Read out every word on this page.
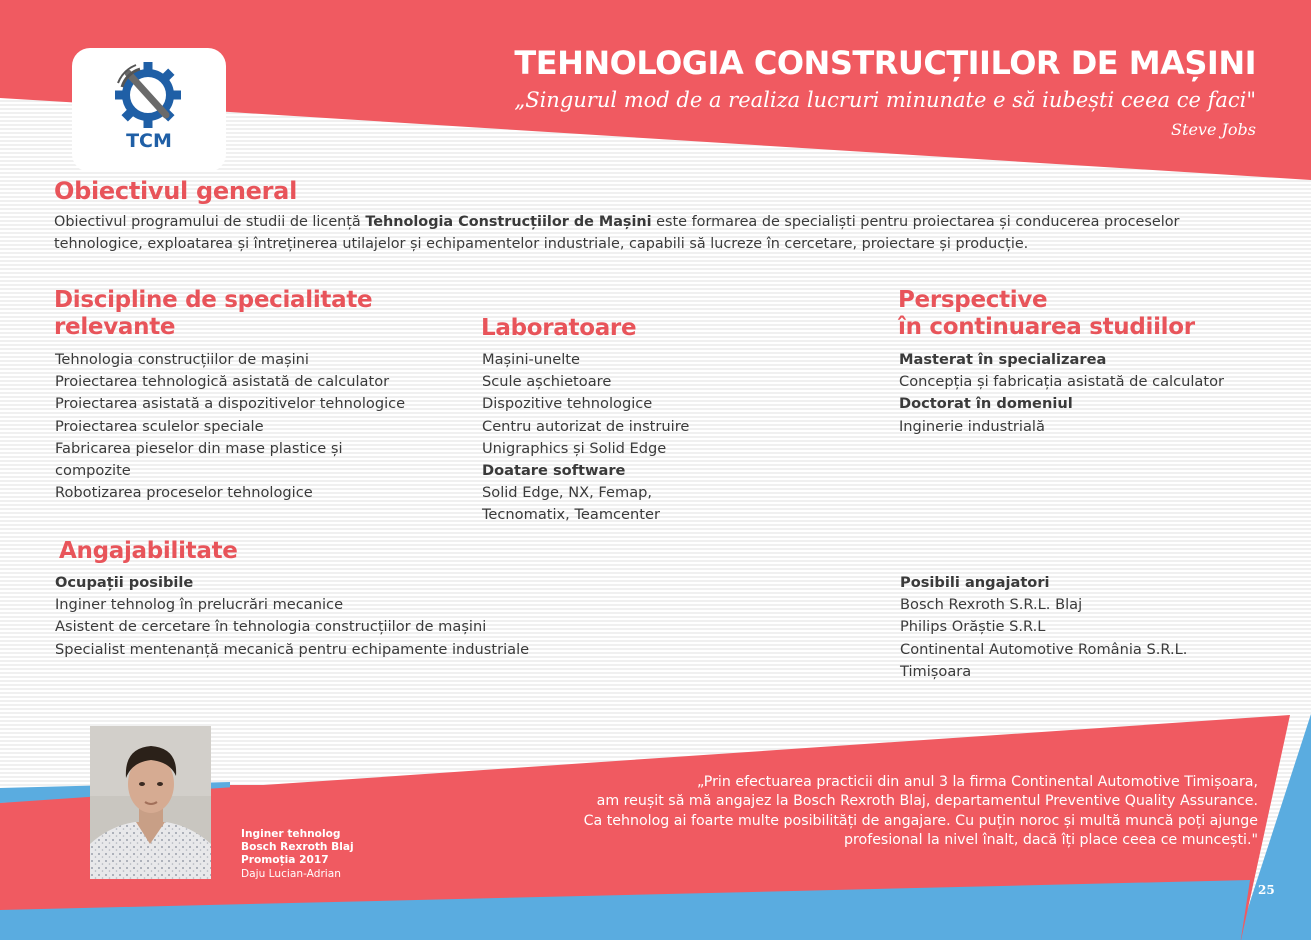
TEHNOLOGIA CONSTRUCȚIILOR DE MAȘINI
„Singurul mod de a realiza lucruri minunate e să iubești ceea ce faci"
Steve Jobs
TCM
Obiectivul general
Obiectivul programului de studii de licență Tehnologia Construcțiilor de Mașini este formarea de specialiști pentru proiectarea și conducerea proceselor
tehnologice, exploatarea și întreținerea utilajelor și echipamentelor industriale, capabili să lucreze în cercetare, proiectare și producție.
Discipline de specialitate
relevante
Tehnologia construcțiilor de mașini
Proiectarea tehnologică asistată de calculator
Proiectarea asistată a dispozitivelor tehnologice
Proiectarea sculelor speciale
Fabricarea pieselor din mase plastice și
compozite
Robotizarea proceselor tehnologice
Laboratoare
Mașini-unelte
Scule așchietoare
Dispozitive tehnologice
Centru autorizat de instruire
Unigraphics și Solid Edge
Doatare software
Solid Edge, NX, Femap,
Tecnomatix, Teamcenter
Perspective
în continuarea studiilor
Masterat în specializarea
Concepția și fabricația asistată de calculator
Doctorat în domeniul
Inginerie industrială
Angajabilitate
Ocupații posibile
Inginer tehnolog în prelucrări mecanice
Asistent de cercetare în tehnologia construcțiilor de mașini
Specialist mentenanță mecanică pentru echipamente industriale
Posibili angajatori
Bosch Rexroth S.R.L. Blaj
Philips Orăștie S.R.L
Continental Automotive România S.R.L.
Timișoara
Inginer tehnolog
Bosch Rexroth Blaj
Promoția 2017
Daju Lucian-Adrian
„Prin efectuarea practicii din anul 3 la firma Continental Automotive Timișoara,
am reușit să mă angajez la Bosch Rexroth Blaj, departamentul Preventive Quality Assurance.
Ca tehnolog ai foarte multe posibilități de angajare. Cu puțin noroc și multă muncă poți ajunge
profesional la nivel înalt, dacă îți place ceea ce muncești."
25
